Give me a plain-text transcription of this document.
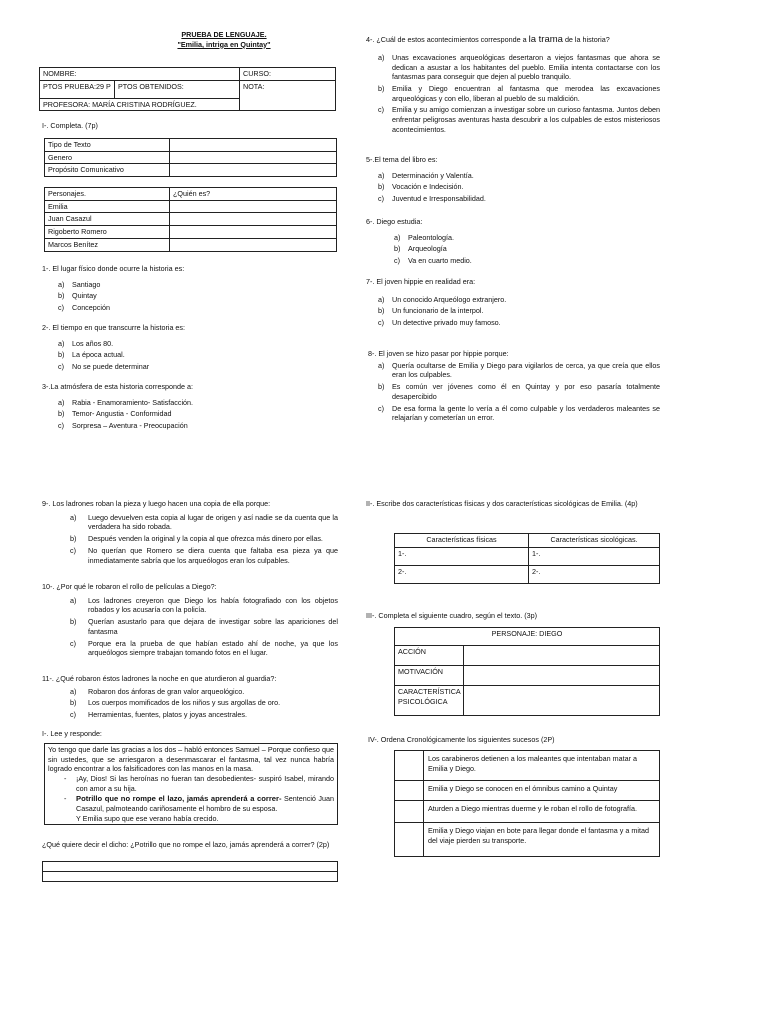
PRUEBA DE LENGUAJE.
"Emilia, intriga en Quintay"
NOMBRE:		CURSO:
PTOS PRUEBA:29 P	PTOS OBTENIDOS:	NOTA:
PROFESORA: MARÍA CRISTINA RODRÍGUEZ.		
I-. Completa. (7p)
Tipo de Texto	
Genero	
Propósito Comunicativo	
Personajes.	¿Quién es?
Emilia	
Juan Casazul	
Rigoberto Romero	
Marcos Benítez	
1-. El lugar físico donde ocurre la historia es:
a)	Santiago
b)	Quintay
c)	Concepción
2-. El tiempo en que transcurre la historia es:
a)	Los años 80.
b)	La época actual.
c)	No se puede determinar
3-.La atmósfera de esta historia corresponde a:
a)	Rabia - Enamoramiento- Satisfacción.
b)	Temor- Angustia - Conformidad
c)	Sorpresa – Aventura - Preocupación
4-. ¿Cuál de estos acontecimientos corresponde a la trama de la historia?
a)	Unas excavaciones arqueológicas desertaron a viejos fantasmas que ahora se dedican a asustar a los habitantes del pueblo. Emilia intenta contactarse con los fantasmas para conseguir que dejen al pueblo tranquilo.
b)	Emilia y Diego encuentran al fantasma que merodea las excavaciones arqueológicas y con ello, liberan al pueblo de su maldición.
c)	Emilia y su amigo comienzan a investigar sobre un curioso fantasma. Juntos deben enfrentar peligrosas aventuras hasta descubrir a los culpables de estos misteriosos acontecimientos.
5-.El tema del libro es:
a)	Determinación y Valentía.
b)	Vocación e Indecisión.
c)	Juventud e Irresponsabilidad.
6-. Diego estudia:
a)	Paleontología.
b)	Arqueología
c)	Va en cuarto medio.
7-. El joven hippie en realidad era:
a)	Un conocido Arqueólogo extranjero.
b)	Un funcionario de la interpol.
c)	Un detective privado muy famoso.
8-. El joven se hizo pasar por hippie porque:
a)	Quería ocultarse de Emilia y Diego para vigilarlos de cerca, ya que creía que ellos eran los culpables.
b)	Es común ver jóvenes como él en Quintay y por eso pasaría totalmente desapercibido
c)	De esa forma la gente lo vería a él como culpable y los verdaderos maleantes se relajarían y cometerían un error.
9-. Los ladrones roban la pieza y luego hacen una copia de ella porque:
a)	Luego devuelven esta copia al lugar de origen y así nadie se da cuenta que la verdadera ha sido robada.
b)	Después venden la original y la copia al que ofrezca más dinero por ellas.
c)	No querían que Romero se diera cuenta que faltaba esa pieza ya que inmediatamente sabría que los arqueólogos eran los culpables.
10-. ¿Por qué le robaron el rollo de películas a Diego?:
a)	Los ladrones creyeron que Diego los había fotografiado con los objetos robados y los acusaría con la policía.
b)	Querían asustarlo para que dejara de investigar sobre las apariciones del fantasma
c)	Porque era la prueba de que habían estado ahí de noche, ya que los arqueólogos siempre trabajan tomando fotos en el lugar.
11-. ¿Qué robaron éstos ladrones la noche en que aturdieron al guardia?:
a)	Robaron dos ánforas de gran valor arqueológico.
b)	Los cuerpos momificados de los niños y sus argollas de oro.
c)	Herramientas, fuentes, platos y joyas ancestrales.
I-. Lee y responde:
Yo tengo que darle las gracias a los dos – habló entonces Samuel – Porque confieso que sin ustedes, que se arriesgaron a desenmascarar el fantasma, tal vez nunca habría logrado encontrar a los falsificadores con las manos en la masa.
-	¡Ay, Dios! Si las heroínas no fueran tan desobedientes- suspiró Isabel, mirando con amor a su hija.
-	Potrillo que no rompe el lazo, jamás aprenderá a correr- Sentenció Juan Casazul, palmoteando cariñosamente el hombro de su esposa.
Y Emilia supo que ese verano había crecido.
¿Qué quiere decir el dicho: ¿Potrillo que no rompe el lazo, jamás aprenderá a correr? (2p)

II-. Escribe dos características físicas y dos características sicológicas de Emilia. (4p)
Características físicas	Características sicológicas.
1-.	1-.
2-.	2-.
III-. Completa el siguiente cuadro, según el texto. (3p)
PERSONAJE: DIEGO	
ACCIÓN	
MOTIVACIÓN	
CARACTERÍSTICA PSICOLÓGICA	
IV-. Ordena Cronológicamente los siguientes sucesos (2P)
	Los carabineros detienen a los maleantes que intentaban matar a Emilia y Diego.
	Emilia y Diego se conocen en el ómnibus camino a Quintay
	Aturden a Diego mientras duerme y le roban el rollo de fotografía.
	Emilia y Diego viajan en bote para llegar donde el fantasma y a mitad del viaje pierden su transporte.
